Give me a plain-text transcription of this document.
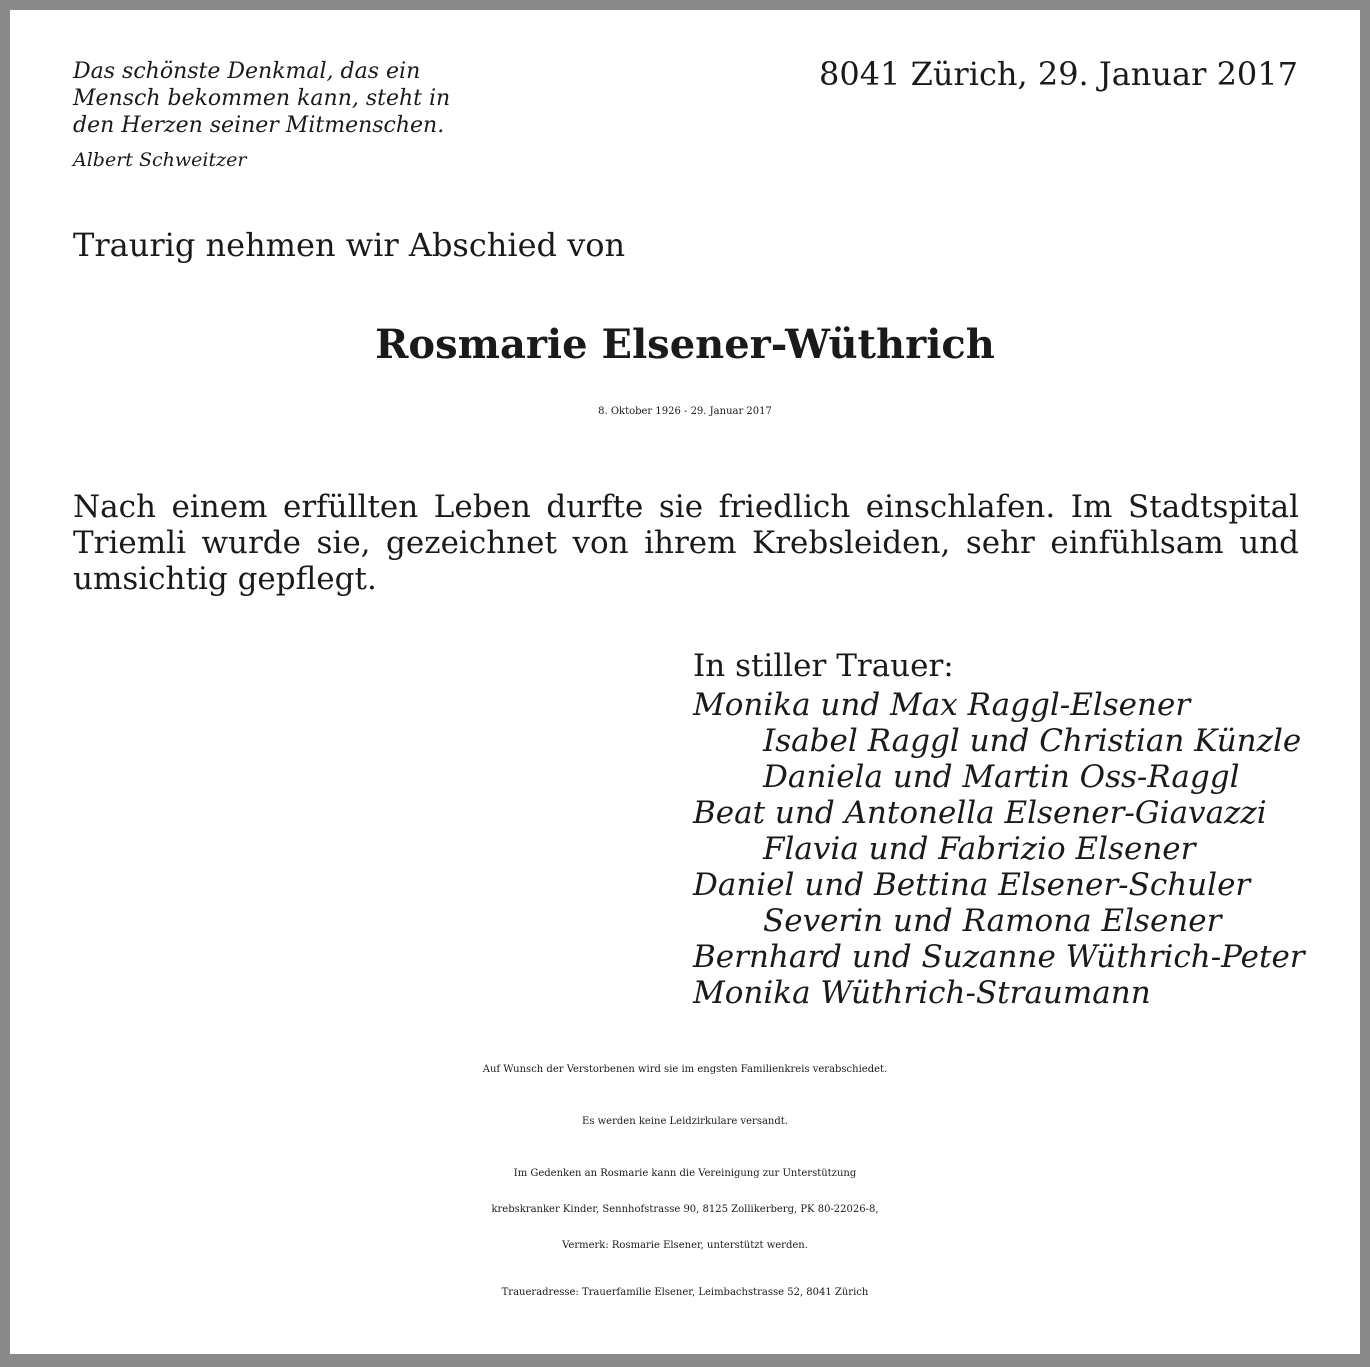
Das schönste Denkmal, das ein
Mensch bekommen kann, steht in
den Herzen seiner Mitmenschen.
Albert Schweitzer
8041 Zürich, 29. Januar 2017
Traurig nehmen wir Abschied von
Rosmarie Elsener-Wüthrich
8. Oktober 1926 - 29. Januar 2017

Nach einem erfüllten Leben durfte sie friedlich einschlafen. Im Stadtspital Triemli wurde sie, gezeichnet von ihrem Krebsleiden, sehr einfühlsam und umsichtig gepflegt.

In stiller Trauer:
Monika und Max Raggl-Elsener
Isabel Raggl und Christian Künzle
Daniela und Martin Oss-Raggl
Beat und Antonella Elsener-Giavazzi
Flavia und Fabrizio Elsener
Daniel und Bettina Elsener-Schuler
Severin und Ramona Elsener
Bernhard und Suzanne Wüthrich-Peter
Monika Wüthrich-Straumann
Auf Wunsch der Verstorbenen wird sie im engsten Familienkreis verabschiedet.
Es werden keine Leidzirkulare versandt.
Im Gedenken an Rosmarie kann die Vereinigung zur Unterstützung
krebskranker Kinder, Sennhofstrasse 90, 8125 Zollikerberg, PK 80-22026-8,
Vermerk: Rosmarie Elsener, unterstützt werden.
Traueradresse: Trauerfamilie Elsener, Leimbachstrasse 52, 8041 Zürich
